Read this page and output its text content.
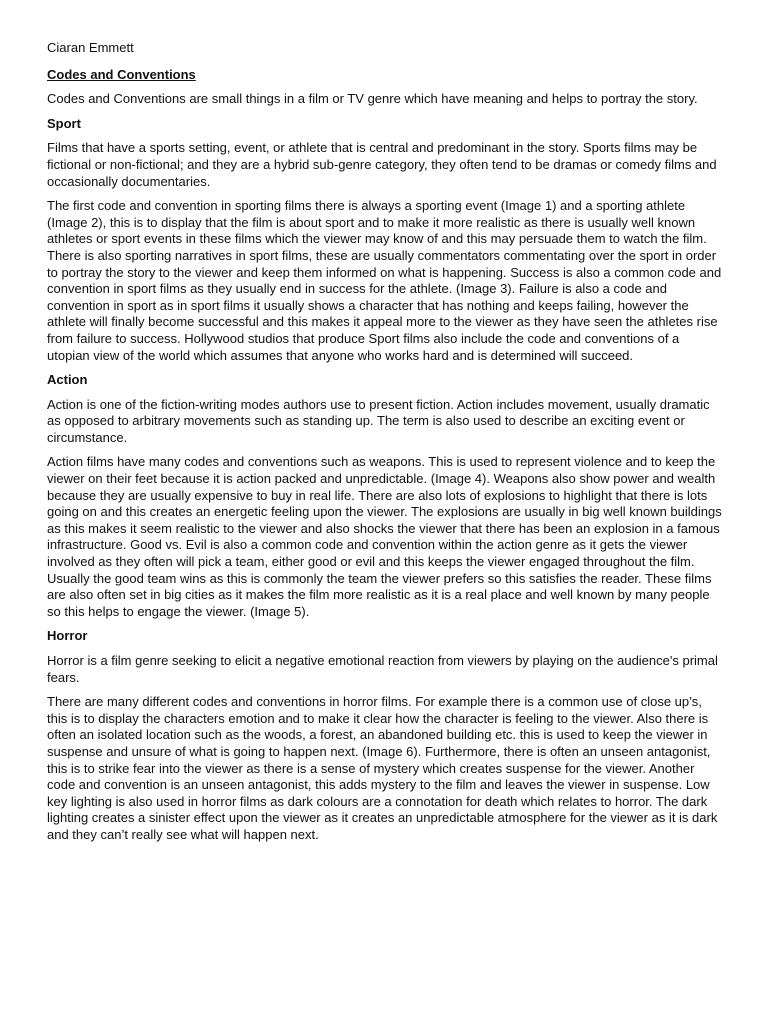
Ciaran Emmett

Codes and Conventions

Codes and Conventions are small things in a film or TV genre which have meaning and helps to portray the story.

Sport

Films that have a sports setting, event, or athlete that is central and predominant in the story. Sports films may be fictional or non-fictional; and they are a hybrid sub-genre category, they often tend to be dramas or comedy films and occasionally documentaries.

The first code and convention in sporting films there is always a sporting event (Image 1) and a sporting athlete (Image 2), this is to display that the film is about sport and to make it more realistic as there is usually well known athletes or sport events in these films which the viewer may know of and this may persuade them to watch the film. There is also sporting narratives in sport films, these are usually commentators commentating over the sport in order to portray the story to the viewer and keep them informed on what is happening. Success is also a common code and convention in sport films as they usually end in success for the athlete. (Image 3). Failure is also a code and convention in sport as in sport films it usually shows a character that has nothing and keeps failing, however the athlete will finally become successful and this makes it appeal more to the viewer as they have seen the athletes rise from failure to success. Hollywood studios that produce Sport films also include the code and conventions of a utopian view of the world which assumes that anyone who works hard and is determined will succeed.

Action

Action is one of the fiction-writing modes authors use to present fiction. Action includes movement, usually dramatic as opposed to arbitrary movements such as standing up. The term is also used to describe an exciting event or circumstance.

Action films have many codes and conventions such as weapons. This is used to represent violence and to keep the viewer on their feet because it is action packed and unpredictable. (Image 4). Weapons also show power and wealth because they are usually expensive to buy in real life. There are also lots of explosions to highlight that there is lots going on and this creates an energetic feeling upon the viewer. The explosions are usually in big well known buildings as this makes it seem realistic to the viewer and also shocks the viewer that there has been an explosion in a famous infrastructure. Good vs. Evil is also a common code and convention within the action genre as it gets the viewer involved as they often will pick a team, either good or evil and this keeps the viewer engaged throughout the film. Usually the good team wins as this is commonly the team the viewer prefers so this satisfies the reader. These films are also often set in big cities as it makes the film more realistic as it is a real place and well known by many people so this helps to engage the viewer. (Image 5).

Horror

Horror is a film genre seeking to elicit a negative emotional reaction from viewers by playing on the audience's primal fears.

There are many different codes and conventions in horror films. For example there is a common use of close up’s, this is to display the characters emotion and to make it clear how the character is feeling to the viewer. Also there is often an isolated location such as the woods, a forest, an abandoned building etc. this is used to keep the viewer in suspense and unsure of what is going to happen next. (Image 6). Furthermore, there is often an unseen antagonist, this is to strike fear into the viewer as there is a sense of mystery which creates suspense for the viewer. Another code and convention is an unseen antagonist, this adds mystery to the film and leaves the viewer in suspense. Low key lighting is also used in horror films as dark colours are a connotation for death which relates to horror. The dark lighting creates a sinister effect upon the viewer as it creates an unpredictable atmosphere for the viewer as it is dark and they can’t really see what will happen next.
